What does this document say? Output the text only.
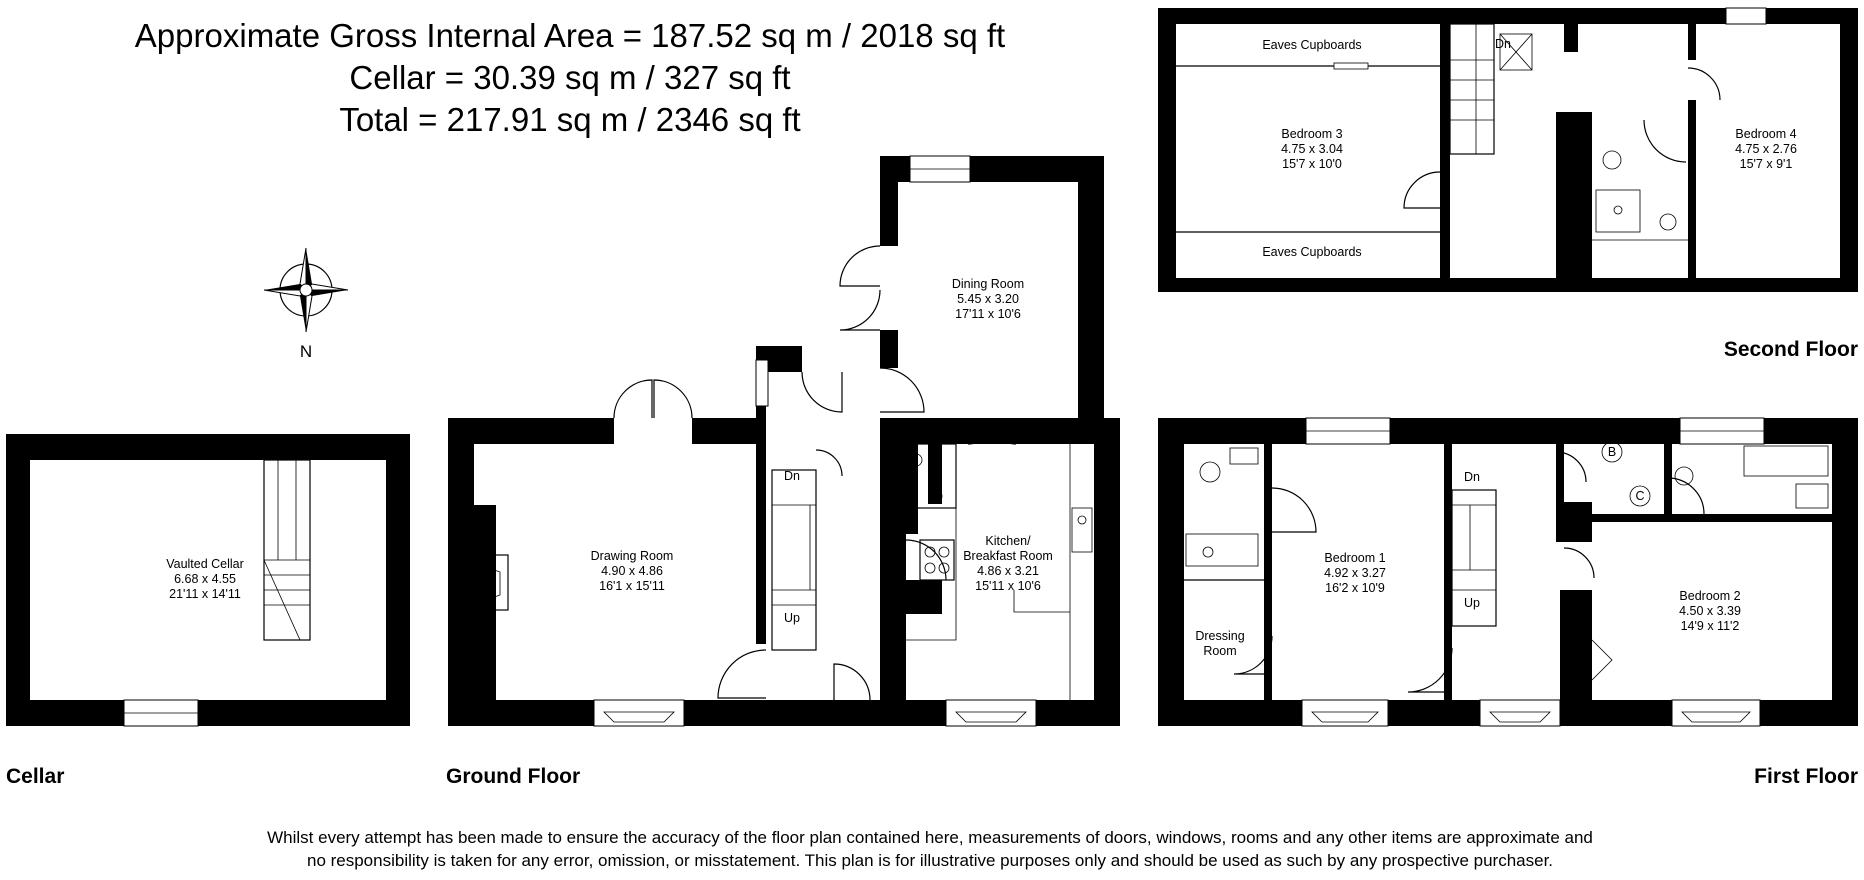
Approximate Gross Internal Area = 187.52 sq m / 2018 sq ft
Cellar = 30.39 sq m / 327 sq ft
Total = 217.91 sq m / 2346 sq ft
N
Vaulted Cellar
6.68 x 4.55
21'11 x 14'11
Drawing Room
4.90 x 4.86
16'1 x 15'11
Dn
Up
Dining Room
5.45 x 3.20
17'11 x 10'6
Kitchen/
Breakfast Room
4.86 x 3.21
15'11 x 10'6
Bedroom 1
4.92 x 3.27
16'2 x 10'9
Dressing
Room
Dn
Up
B
C
Bedroom 2
4.50 x 3.39
14'9 x 11'2
Eaves Cupboards
Bedroom 3
4.75 x 3.04
15'7 x 10'0
Eaves Cupboards
Dn
Bedroom 4
4.75 x 2.76
15'7 x 9'1
Cellar	Ground Floor	First Floor
Second Floor
Whilst every attempt has been made to ensure the accuracy of the floor plan contained here, measurements of doors, windows, rooms and any other items are approximate and
no responsibility is taken for any error, omission, or misstatement. This plan is for illustrative purposes only and should be used as such by any prospective purchaser.
